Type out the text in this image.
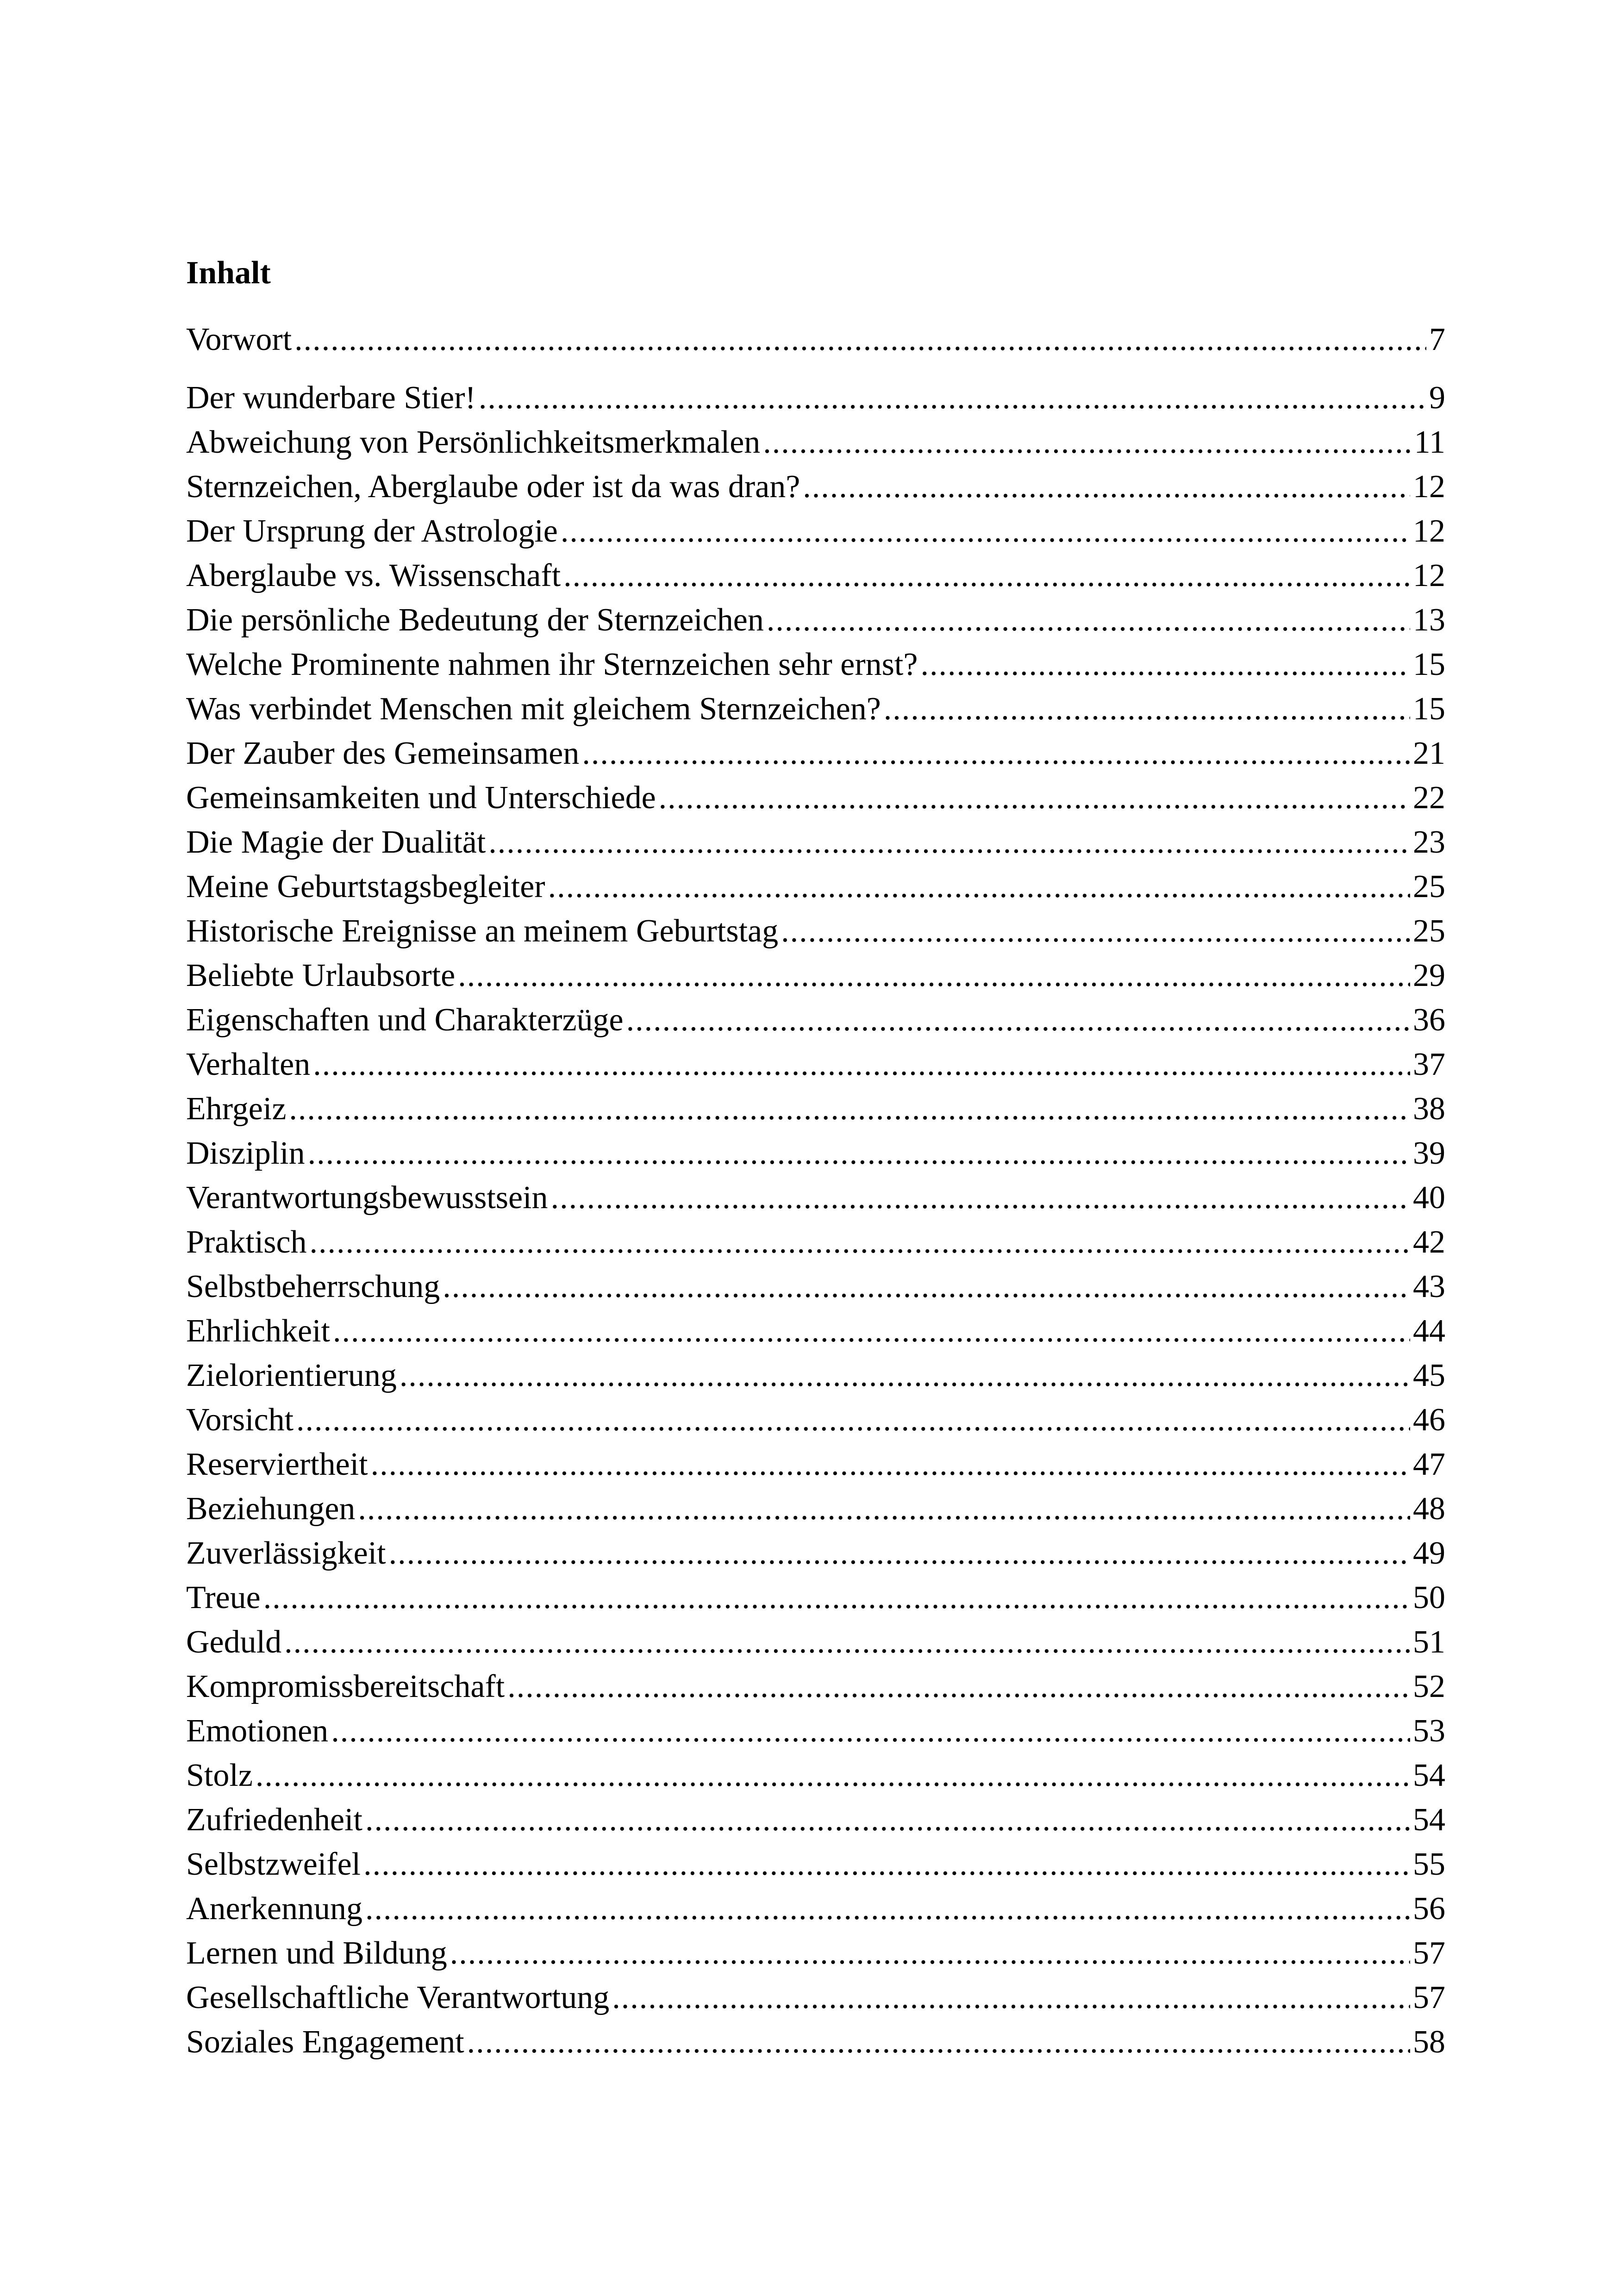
Inhalt
Vorwort .....	7
Der wunderbare Stier! .....	9
Abweichung von Persönlichkeitsmerkmalen .....	11
Sternzeichen, Aberglaube oder ist da was dran? .....	12
Der Ursprung der Astrologie .....	12
Aberglaube vs. Wissenschaft .....	12
Die persönliche Bedeutung der Sternzeichen .....	13
Welche Prominente nahmen ihr Sternzeichen sehr ernst? .....	15
Was verbindet Menschen mit gleichem Sternzeichen? .....	15
Der Zauber des Gemeinsamen .....	21
Gemeinsamkeiten und Unterschiede .....	22
Die Magie der Dualität .....	23
Meine Geburtstagsbegleiter .....	25
Historische Ereignisse an meinem Geburtstag .....	25
Beliebte Urlaubsorte .....	29
Eigenschaften und Charakterzüge .....	36
Verhalten .....	37
Ehrgeiz .....	38
Disziplin .....	39
Verantwortungsbewusstsein .....	40
Praktisch .....	42
Selbstbeherrschung .....	43
Ehrlichkeit .....	44
Zielorientierung .....	45
Vorsicht .....	46
Reserviertheit .....	47
Beziehungen .....	48
Zuverlässigkeit .....	49
Treue .....	50
Geduld .....	51
Kompromissbereitschaft .....	52
Emotionen .....	53
Stolz .....	54
Zufriedenheit .....	54
Selbstzweifel .....	55
Anerkennung .....	56
Lernen und Bildung .....	57
Gesellschaftliche Verantwortung .....	57
Soziales Engagement .....	58
